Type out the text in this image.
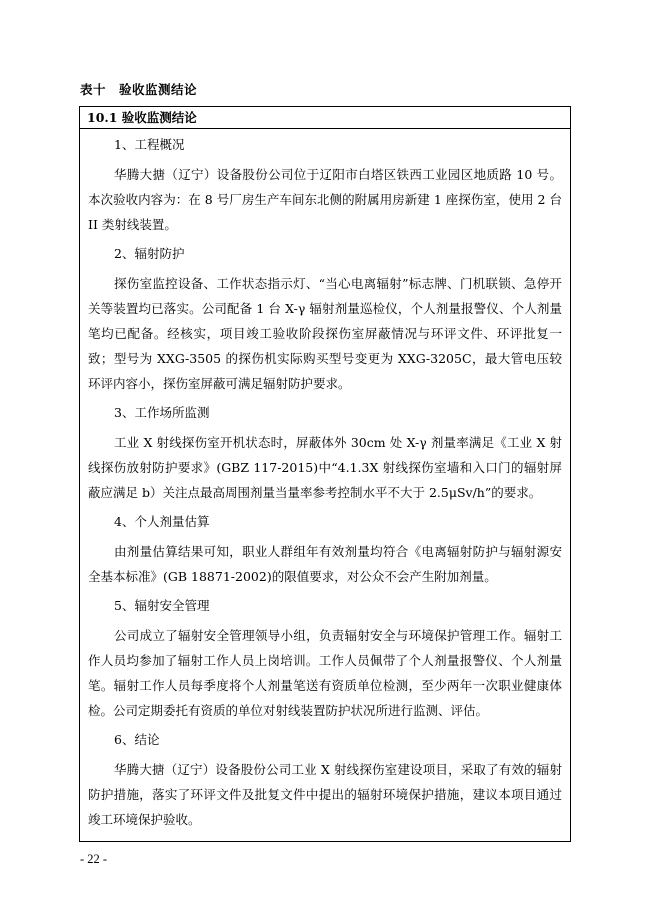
表十　验收监测结论
10.1 验收监测结论

1、工程概况

华腾大搪（辽宁）设备股份公司位于辽阳市白塔区铁西工业园区地质路 10 号。本次验收内容为：在 8 号厂房生产车间东北侧的附属用房新建 1 座探伤室，使用 2 台 II 类射线装置。

2、辐射防护

探伤室监控设备、工作状态指示灯、“当心电离辐射”标志牌、门机联锁、急停开关等装置均已落实。公司配备 1 台 X-γ 辐射剂量巡检仪，个人剂量报警仪、个人剂量笔均已配备。经核实，项目竣工验收阶段探伤室屏蔽情况与环评文件、环评批复一致；型号为 XXG-3505 的探伤机实际购买型号变更为 XXG-3205C，最大管电压较环评内容小，探伤室屏蔽可满足辐射防护要求。

3、工作场所监测

工业 X 射线探伤室开机状态时，屏蔽体外 30cm 处 X-γ 剂量率满足《工业 X 射线探伤放射防护要求》(GBZ 117-2015)中“4.1.3X 射线探伤室墙和入口门的辐射屏蔽应满足 b）关注点最高周围剂量当量率参考控制水平不大于 2.5μSv/h”的要求。

4、个人剂量估算

由剂量估算结果可知，职业人群组年有效剂量均符合《电离辐射防护与辐射源安全基本标准》(GB 18871-2002)的限值要求，对公众不会产生附加剂量。

5、辐射安全管理

公司成立了辐射安全管理领导小组，负责辐射安全与环境保护管理工作。辐射工作人员均参加了辐射工作人员上岗培训。工作人员佩带了个人剂量报警仪、个人剂量笔。辐射工作人员每季度将个人剂量笔送有资质单位检测，至少两年一次职业健康体检。公司定期委托有资质的单位对射线装置防护状况所进行监测、评估。

6、结论

华腾大搪（辽宁）设备股份公司工业 X 射线探伤室建设项目，采取了有效的辐射防护措施，落实了环评文件及批复文件中提出的辐射环境保护措施，建议本项目通过竣工环境保护验收。

- 22 -
